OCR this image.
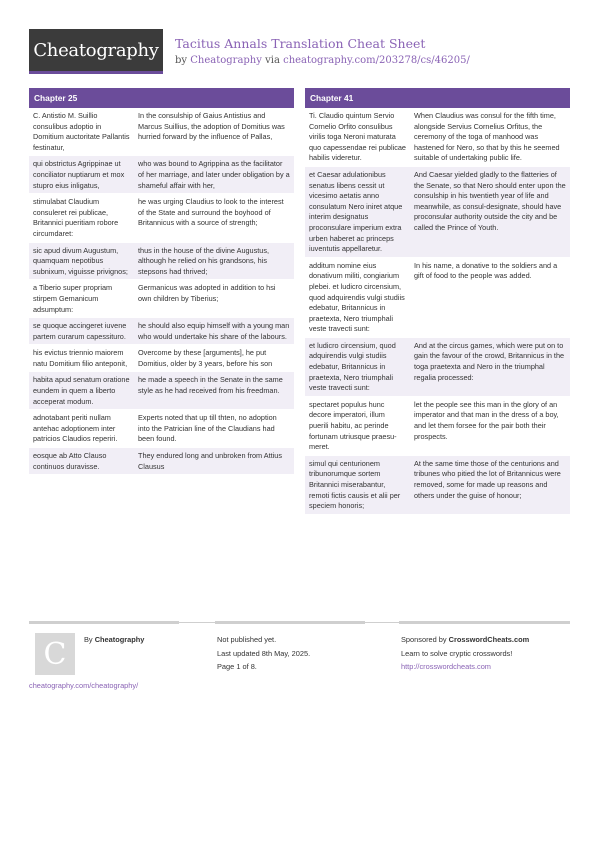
Cheatography Tacitus Annals Translation Cheat Sheet
by Cheatography via cheatography.com/203278/cs/46205/
Chapter 25
C. Antistio M. Suillio consulibus adoptio in Domitium auctoritate Pallantis festinatur,
In the consulship of Gaius Antistius and Marcus Suillius, the adoption of Domitius was hurried forward by the influence of Pallas,
qui obstrictus Agrippinae ut conciliator nuptiarum et mox stupro eius inligatus,
who was bound to Agrippina as the facilitator of her marriage, and later under obligation by a shameful affair with her,
stimulabat Claudium consuleret rei publicae, Britannici pueritiam robore circumdaret:
he was urging Claudius to look to the interest of the State and surround the boyhood of Britannicus with a source of strength;
sic apud divum Augustum, quamquam nepotibus subnixum, viguisse privignos;
thus in the house of the divine Augustus, although he relied on his grandsons, his stepsons had thrived;
a Tiberio super propriam stirpem Gemanicum adsumptum:
Germanicus was adopted in addition to hsi own children by Tiberius;
se quoque accingeret iuvene partem curarum capessituro.
he should also equip himself with a young man who would undertake his share of the labours.
his evictus triennio maiorem natu Domitium filio anteponit,
Overcome by these [arguments], he put Domitius, older by 3 years, before his son
habita apud senatum oratione eundem in quem a liberto acceperat modum.
he made a speech in the Senate in the same style as he had received from his freedman.
adnotabant periti nullam antehac adoptionem inter patricios Claudios reperiri.
Experts noted that up till thten, no adoption into the Patrician line of the Claudians had been found.
eosque ab Atto Clauso continuos duravisse.
They endured long and unbroken from Attius Clausus
Chapter 41
Ti. Claudio quintum Servio Cornelio Orfito consulibus virilis toga Neroni maturata quo capessendae rei publicae habilis videretur.
When Claudius was consul for the fifth time, alongside Servius Cornelius Orfitus, the ceremony of the toga of manhood was hastened for Nero, so that by this he seemed suitable of undertaking public life.
et Caesar adulationibus senatus libens cessit ut vicesimo aetatis anno consulatum Nero iniret atque interim designatus proconsulare imperium extra urben haberet ac princeps iuventutis appellaretur.
And Caesar yielded gladly to the flatteries of the Senate, so that Nero should enter upon the consulship in his twentieth year of life and meanwhile, as consul-designate, should have proconsular authority outside the city and be called the Prince of Youth.
additum nomine eius donativum militi, congiarium plebei. et ludicro circensium, quod adquirendis vulgi studiis edebatur, Britannicus in praetexta, Nero triumphali veste travecti sunt:
In his name, a donative to the soldiers and a gift of food to the people was added.
et ludicro circensium, quod adquirendis vulgi studiis edebatur, Britannicus in praetexta, Nero triumphali veste travecti sunt:
And at the circus games, which were put on to gain the favour of the crowd, Britannicus in the toga praetexta and Nero in the triumphal regalia processed:
spectaret populus hunc decore imperatori, illum puerili habitu, ac perinde fortunam utriusque praesu-meret.
let the people see this man in the glory of an imperator and that man in the dress of a boy, and let them forsee for the pair both their prospects.
simul qui centurionem tribunorumque sortem Britannici miserabantur, remoti fictis causis et alii per speciem honoris;
At the same time those of the centurions and tribunes who pitied the lot of Britannicus were removed, some for made up reasons and others under the guise of honour;
C By Cheatography
cheatography.com/cheatography/
Not published yet.
Last updated 8th May, 2025.
Page 1 of 8.
Sponsored by CrosswordCheats.com
Learn to solve cryptic crosswords!
http://crosswordcheats.com
